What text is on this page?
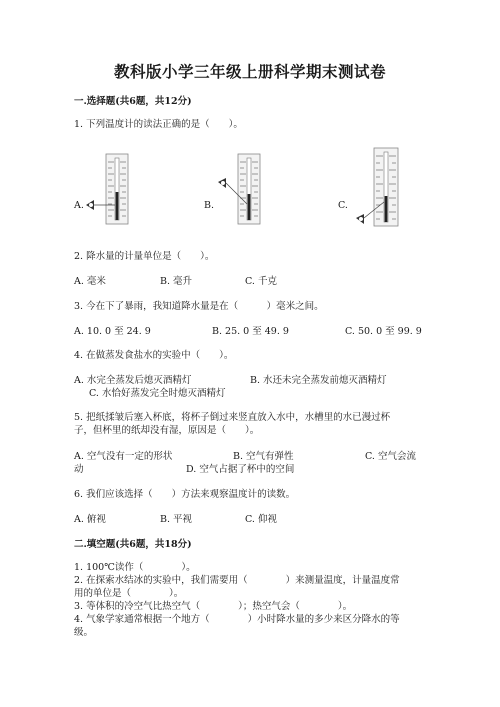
教科版小学三年级上册科学期末测试卷
一.选择题(共6题，共12分)
1. 下列温度计的读法正确的是（　　）。
A.	B.	C.
2. 降水量的计量单位是（　　）。
A. 毫米	B. 毫升	C. 千克
3. 今在下了暴雨，我知道降水量是在（　　　）毫米之间。
A. 10. 0 至 24. 9	B. 25. 0 至 49. 9	C. 50. 0 至 99. 9
4. 在做蒸发食盐水的实验中（　　）。
A. 水完全蒸发后熄灭酒精灯	B. 水还未完全蒸发前熄灭酒精灯
C. 水恰好蒸发完全时熄灭酒精灯
5. 把纸揉皱后塞入杯底，将杯子倒过来竖直放入水中，水槽里的水已漫过杯
子，但杯里的纸却没有湿，原因是（　　）。
A. 空气没有一定的形状	B. 空气有弹性	C. 空气会流
动	D. 空气占据了杯中的空间
6. 我们应该选择（　　）方法来观察温度计的读数。
A. 俯视	B. 平视	C. 仰视
二.填空题(共6题，共18分)
1. 100℃读作（　　　　）。
2. 在探索水结冰的实验中，我们需要用（　　　　）来测量温度，计量温度常
用的单位是（　　　　）。
3. 等体积的冷空气比热空气（　　　　）；热空气会（　　　　）。
4. 气象学家通常根据一个地方（　　　　）小时降水量的多少来区分降水的等
级。
